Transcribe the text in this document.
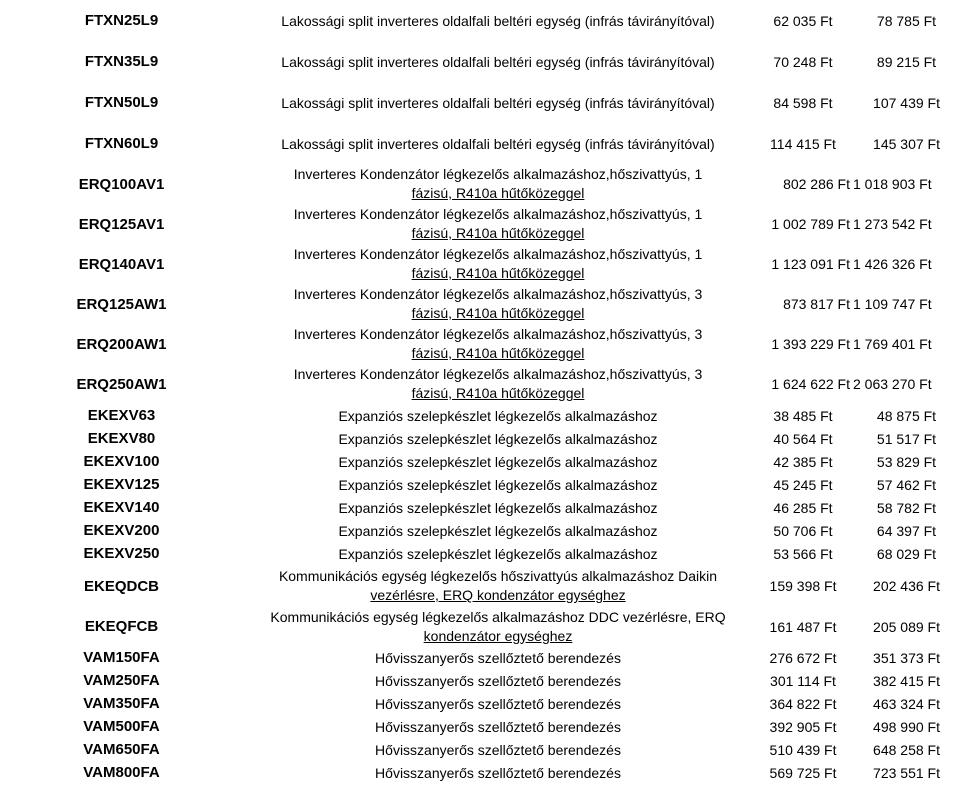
FTXN25L9	Lakossági split inverteres oldalfali beltéri egység (infrás távirányítóval)	62 035 Ft	78 785 Ft
FTXN35L9	Lakossági split inverteres oldalfali beltéri egység (infrás távirányítóval)	70 248 Ft	89 215 Ft
FTXN50L9	Lakossági split inverteres oldalfali beltéri egység (infrás távirányítóval)	84 598 Ft	107 439 Ft
FTXN60L9	Lakossági split inverteres oldalfali beltéri egység (infrás távirányítóval)	114 415 Ft	145 307 Ft
ERQ100AV1	Inverteres Kondenzátor légkezelős alkalmazáshoz,hőszivattyús, 1
fázisú, R410a hűtőközeggel	802 286 Ft	1 018 903 Ft
ERQ125AV1	Inverteres Kondenzátor légkezelős alkalmazáshoz,hőszivattyús, 1
fázisú, R410a hűtőközeggel	1 002 789 Ft	1 273 542 Ft
ERQ140AV1	Inverteres Kondenzátor légkezelős alkalmazáshoz,hőszivattyús, 1
fázisú, R410a hűtőközeggel	1 123 091 Ft	1 426 326 Ft
ERQ125AW1	Inverteres Kondenzátor légkezelős alkalmazáshoz,hőszivattyús, 3
fázisú, R410a hűtőközeggel	873 817 Ft	1 109 747 Ft
ERQ200AW1	Inverteres Kondenzátor légkezelős alkalmazáshoz,hőszivattyús, 3
fázisú, R410a hűtőközeggel	1 393 229 Ft	1 769 401 Ft
ERQ250AW1	Inverteres Kondenzátor légkezelős alkalmazáshoz,hőszivattyús, 3
fázisú, R410a hűtőközeggel	1 624 622 Ft	2 063 270 Ft
EKEXV63	Expanziós szelepkészlet légkezelős alkalmazáshoz	38 485 Ft	48 875 Ft
EKEXV80	Expanziós szelepkészlet légkezelős alkalmazáshoz	40 564 Ft	51 517 Ft
EKEXV100	Expanziós szelepkészlet légkezelős alkalmazáshoz	42 385 Ft	53 829 Ft
EKEXV125	Expanziós szelepkészlet légkezelős alkalmazáshoz	45 245 Ft	57 462 Ft
EKEXV140	Expanziós szelepkészlet légkezelős alkalmazáshoz	46 285 Ft	58 782 Ft
EKEXV200	Expanziós szelepkészlet légkezelős alkalmazáshoz	50 706 Ft	64 397 Ft
EKEXV250	Expanziós szelepkészlet légkezelős alkalmazáshoz	53 566 Ft	68 029 Ft
EKEQDCB	Kommunikációs egység légkezelős hőszivattyús alkalmazáshoz Daikin
vezérlésre, ERQ kondenzátor egységhez	159 398 Ft	202 436 Ft
EKEQFCB	Kommunikációs egység légkezelős alkalmazáshoz DDC vezérlésre, ERQ
kondenzátor egységhez	161 487 Ft	205 089 Ft
VAM150FA	Hővisszanyerős szellőztető berendezés	276 672 Ft	351 373 Ft
VAM250FA	Hővisszanyerős szellőztető berendezés	301 114 Ft	382 415 Ft
VAM350FA	Hővisszanyerős szellőztető berendezés	364 822 Ft	463 324 Ft
VAM500FA	Hővisszanyerős szellőztető berendezés	392 905 Ft	498 990 Ft
VAM650FA	Hővisszanyerős szellőztető berendezés	510 439 Ft	648 258 Ft
VAM800FA	Hővisszanyerős szellőztető berendezés	569 725 Ft	723 551 Ft
